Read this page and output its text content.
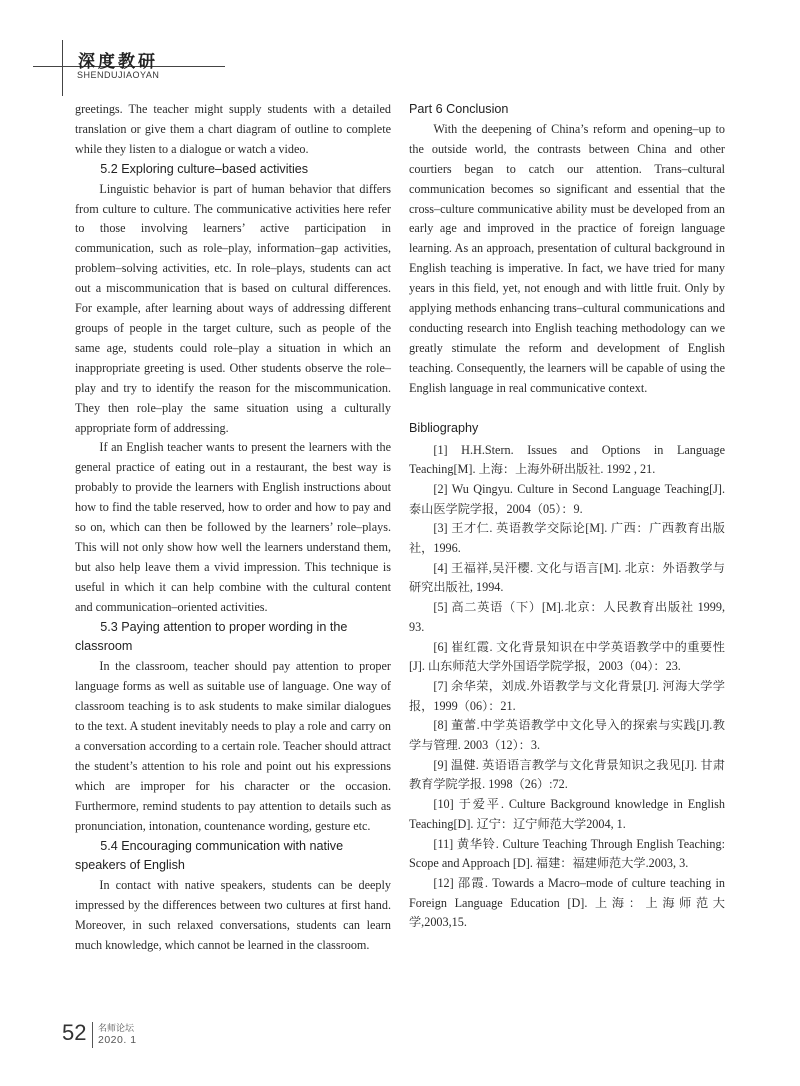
深度教研
SHENDUJIAOYAN

greetings. The teacher might supply students with a detailed translation or give them a chart diagram of outline to complete while they listen to a dialogue or watch a video.

5.2 Exploring culture–based activities

Linguistic behavior is part of human behavior that differs from culture to culture. The communicative activities here refer to those involving learners’ active participation in communication, such as role–play, information–gap activities, problem–solving activities, etc. In role–plays, students can act out a miscommunication that is based on cultural differences. For example, after learning about ways of addressing different groups of people in the target culture, such as people of the same age, students could role–play a situation in which an inappropriate greeting is used. Other students observe the role–play and try to identify the reason for the miscommunication. They then role–play the same situation using a culturally appropriate form of addressing.

If an English teacher wants to present the learners with the general practice of eating out in a restaurant, the best way is probably to provide the learners with English instructions about how to find the table reserved, how to order and how to pay and so on, which can then be followed by the learners’ role–plays. This will not only show how well the learners understand them, but also help leave them a vivid impression. This technique is useful in which it can help combine with the cultural content and communication–oriented activities.

5.3 Paying attention to proper wording in the classroom

In the classroom, teacher should pay attention to proper language forms as well as suitable use of language. One way of classroom teaching is to ask students to make similar dialogues to the text. A student inevitably needs to play a role and carry on a conversation according to a certain role. Teacher should attract the student’s attention to his role and point out his expressions which are improper for his character or the occasion. Furthermore, remind students to pay attention to details such as pronunciation, intonation, countenance wording, gesture etc.

5.4 Encouraging communication with native speakers of English

In contact with native speakers, students can be deeply impressed by the differences between two cultures at first hand. Moreover, in such relaxed conversations, students can learn much knowledge, which cannot be learned in the classroom.

Part 6 Conclusion

With the deepening of China’s reform and opening–up to the outside world, the contrasts between China and other courtiers began to catch our attention. Trans–cultural communication becomes so significant and essential that the cross–culture communicative ability must be developed from an early age and improved in the practice of foreign language learning. As an approach, presentation of cultural background in English teaching is imperative. In fact, we have tried for many years in this field, yet, not enough and with little fruit. Only by applying methods enhancing trans–cultural communications and conducting research into English teaching methodology can we greatly stimulate the reform and development of English teaching. Consequently, the learners will be capable of using the English language in real communicative context.

Bibliography

[1] H.H.Stern. Issues and Options in Language Teaching[M]. 上海：上海外研出版社. 1992 , 21.

[2] Wu Qingyu. Culture in Second Language Teaching[J]. 泰山医学院学报，2004（05）：9.

[3] 王才仁. 英语教学交际论[M]. 广西：广西教育出版社，1996.

[4] 王福祥,吴汗樱. 文化与语言[M]. 北京：外语教学与研究出版社, 1994.

[5] 高二英语（下）[M].北京：人民教育出版社 1999, 93.

[6] 崔红霞. 文化背景知识在中学英语教学中的重要性[J]. 山东师范大学外国语学院学报，2003（04）：23.

[7] 余华荣，刘成.外语教学与文化背景[J]. 河海大学学报，1999（06）：21.

[8] 董蕾.中学英语教学中文化导入的探索与实践[J].教学与管理. 2003（12）：3.

[9] 温健. 英语语言教学与文化背景知识之我见[J]. 甘肃教育学院学报. 1998（26）:72.

[10] 于爱平. Culture Background knowledge in English Teaching[D]. 辽宁：辽宁师范大学2004, 1.

[11] 黄华铃. Culture Teaching Through English Teaching: Scope and Approach [D]. 福建：福建师范大学.2003, 3.

[12] 邵霞. Towards a Macro–mode of culture teaching in Foreign Language Education [D]. 上海：上海师范大学,2003,15.

52 名师论坛
2020. 1
